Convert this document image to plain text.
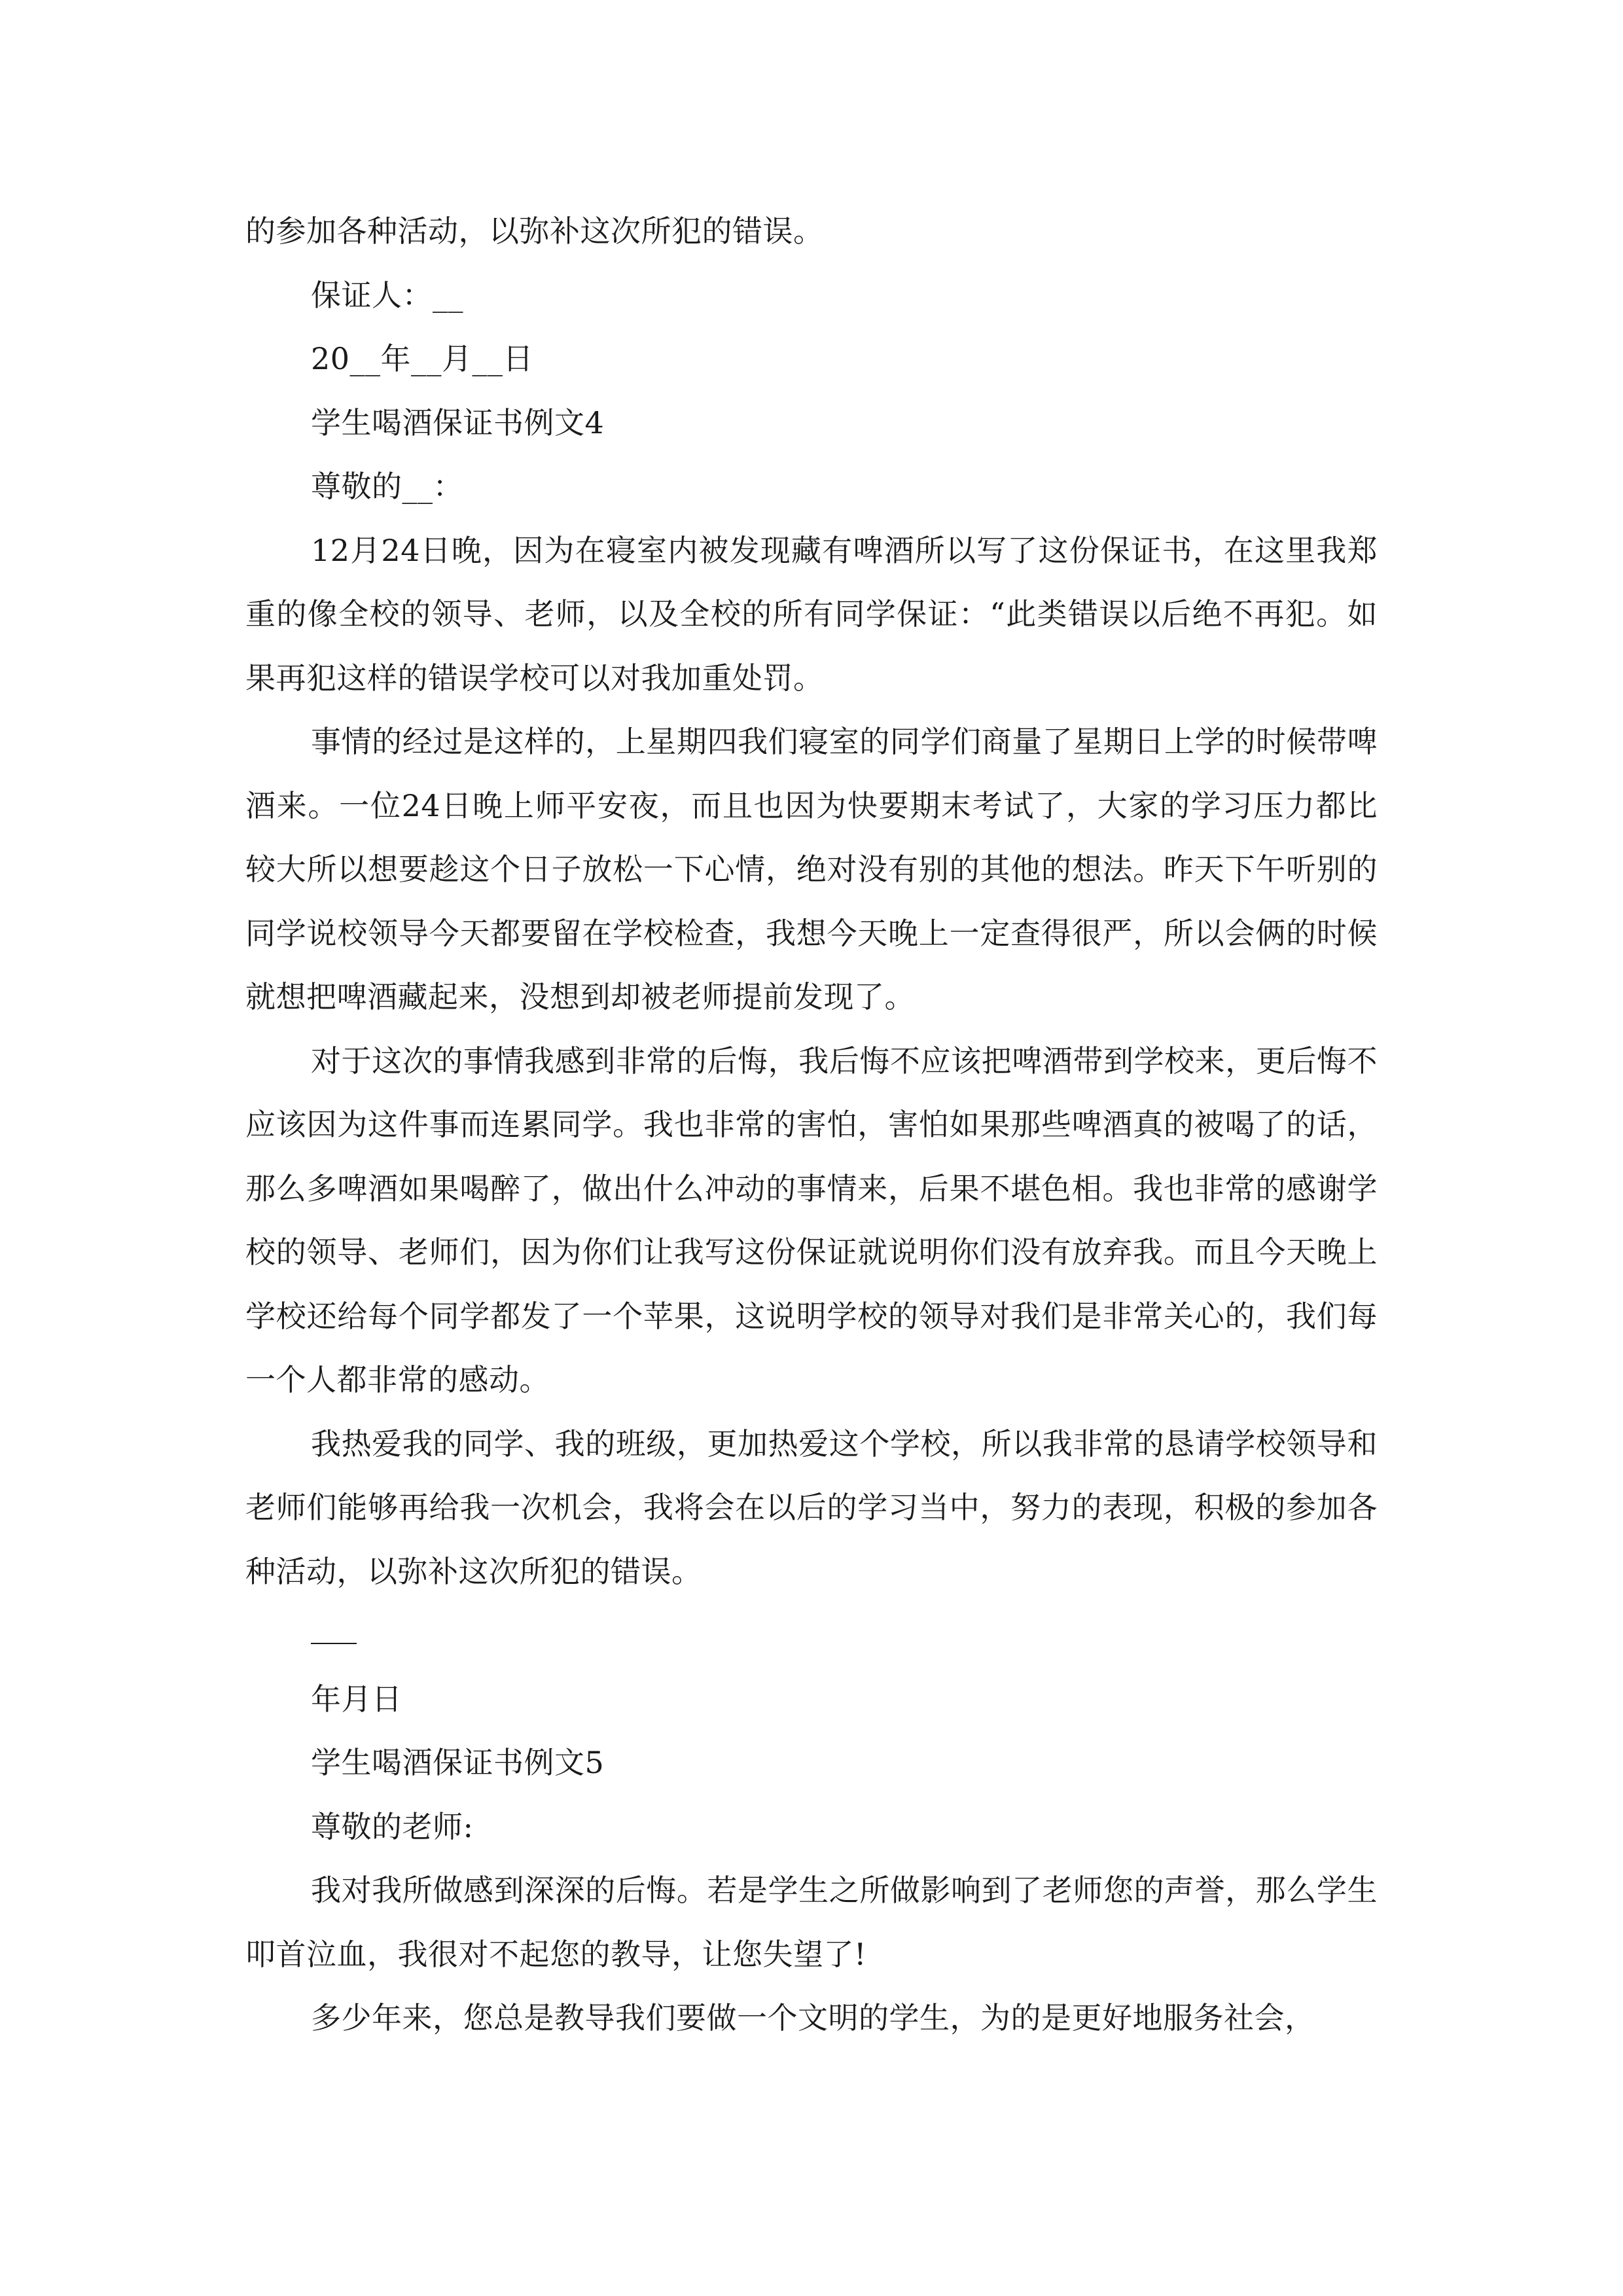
的参加各种活动，以弥补这次所犯的错误。

保证人：__

20__年__月__日

学生喝酒保证书例文4

尊敬的__：

12月24日晚，因为在寝室内被发现藏有啤酒所以写了这份保证书，在这里我郑重的像全校的领导、老师，以及全校的所有同学保证：“此类错误以后绝不再犯。如果再犯这样的错误学校可以对我加重处罚。

事情的经过是这样的，上星期四我们寝室的同学们商量了星期日上学的时候带啤酒来。一位24日晚上师平安夜，而且也因为快要期末考试了，大家的学习压力都比较大所以想要趁这个日子放松一下心情，绝对没有别的其他的想法。昨天下午听别的同学说校领导今天都要留在学校检查，我想今天晚上一定查得很严，所以会俩的时候就想把啤酒藏起来，没想到却被老师提前发现了。

对于这次的事情我感到非常的后悔，我后悔不应该把啤酒带到学校来，更后悔不应该因为这件事而连累同学。我也非常的害怕，害怕如果那些啤酒真的被喝了的话，那么多啤酒如果喝醉了，做出什么冲动的事情来，后果不堪色相。我也非常的感谢学校的领导、老师们，因为你们让我写这份保证就说明你们没有放弃我。而且今天晚上学校还给每个同学都发了一个苹果，这说明学校的领导对我们是非常关心的，我们每一个人都非常的感动。

我热爱我的同学、我的班级，更加热爱这个学校，所以我非常的恳请学校领导和老师们能够再给我一次机会，我将会在以后的学习当中，努力的表现，积极的参加各种活动，以弥补这次所犯的错误。

年月日

学生喝酒保证书例文5

尊敬的老师:

我对我所做感到深深的后悔。若是学生之所做影响到了老师您的声誉，那么学生叩首泣血，我很对不起您的教导，让您失望了!

多少年来，您总是教导我们要做一个文明的学生，为的是更好地服务社会，
